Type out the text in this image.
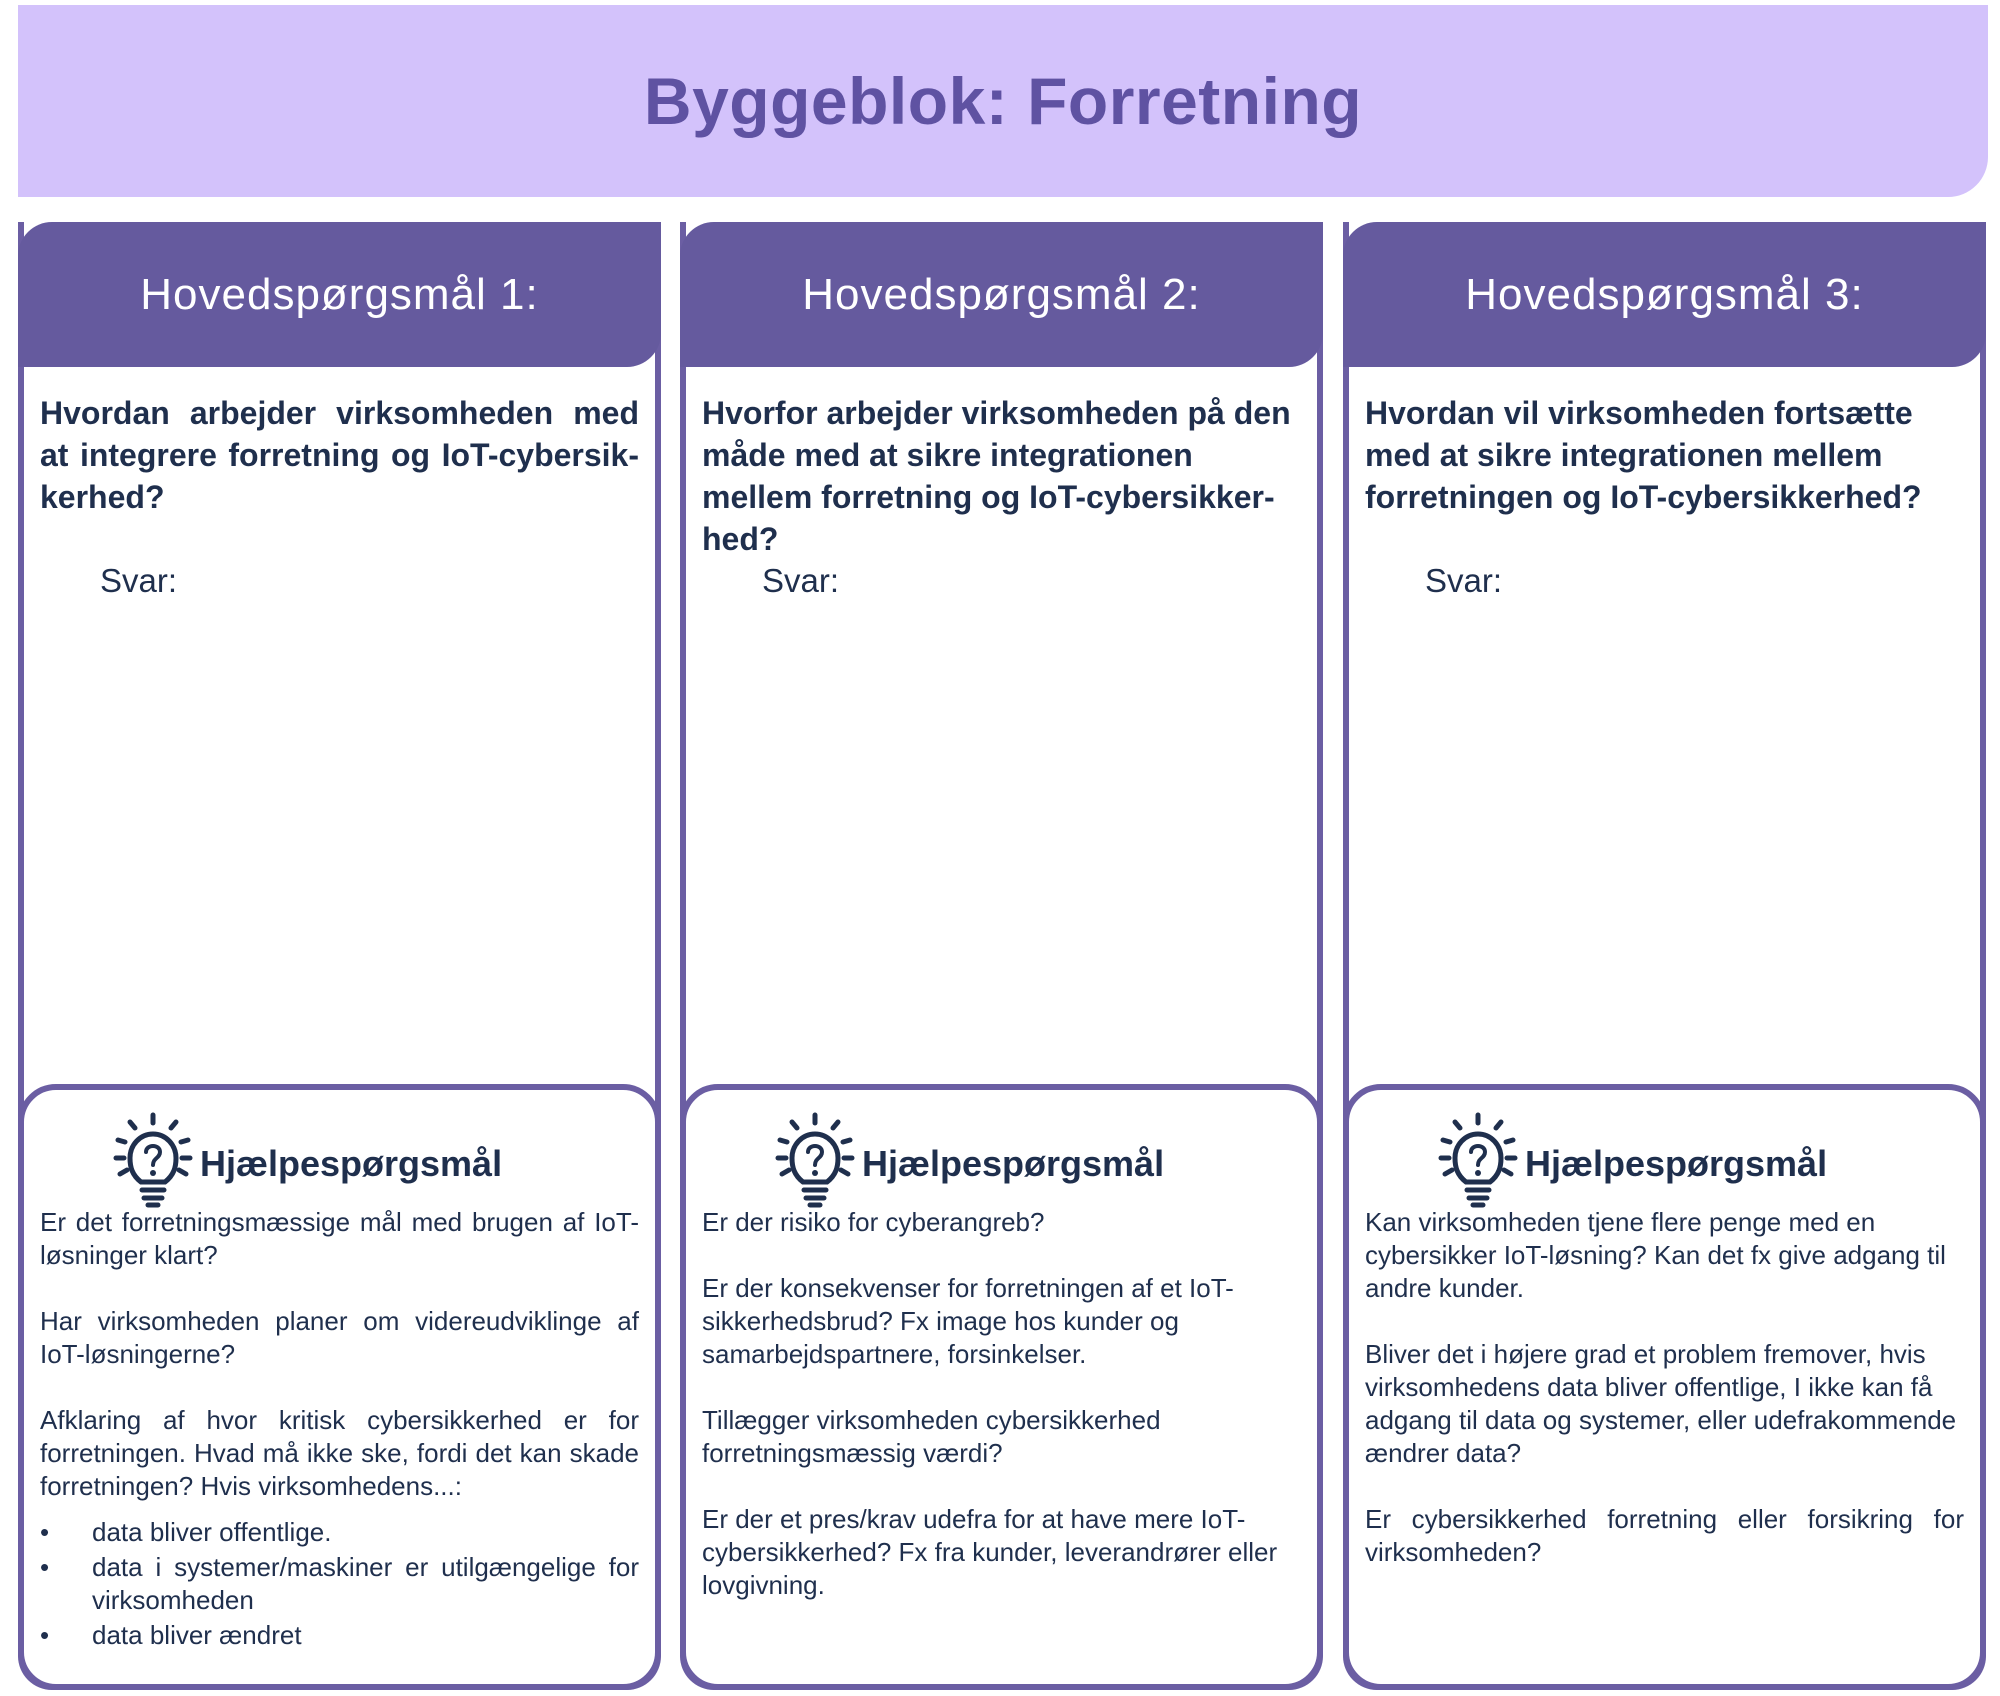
Byggeblok: Forretning
Hovedspørgsmål 1:

Hvordan arbejder virksomheden med at integrere forretning og IoT-cybersik-kerhed?

Svar:
Hjælpespørgsmål

Er det forretningsmæssige mål med brugen af IoT-løsninger klart?

Har virksomheden planer om videreudviklinge af IoT-løsningerne?

Afklaring af hvor kritisk cybersikkerhed er for forretningen. Hvad må ikke ske, fordi det kan skade forretningen? Hvis virksomhedens...:

• data bliver offentlige.
• data i systemer/maskiner er utilgængelige for virksomheden
• data bliver ændret
Hovedspørgsmål 2:

Hvorfor arbejder virksomheden på den måde med at sikre integrationen mellem forretning og IoT-cybersikker-hed?

Svar:
Hjælpespørgsmål

Er der risiko for cyberangreb?

Er der konsekvenser for forretningen af et IoT-sikkerhedsbrud? Fx image hos kunder og samarbejdspartnere, forsinkelser.

Tillægger virksomheden cybersikkerhed forretningsmæssig værdi?

Er der et pres/krav udefra for at have mere IoT-cybersikkerhed? Fx fra kunder, leverandrører eller lovgivning.

Hovedspørgsmål 3:

Hvordan vil virksomheden fortsætte med at sikre integrationen mellem forretningen og IoT-cybersikkerhed?

Svar:
Hjælpespørgsmål

Kan virksomheden tjene flere penge med en cybersikker IoT-løsning? Kan det fx give adgang til andre kunder.

Bliver det i højere grad et problem fremover, hvis virksomhedens data bliver offentlige, I ikke kan få adgang til data og systemer, eller udefrakommende ændrer data?

Er cybersikkerhed forretning eller forsikring for virksomheden?
